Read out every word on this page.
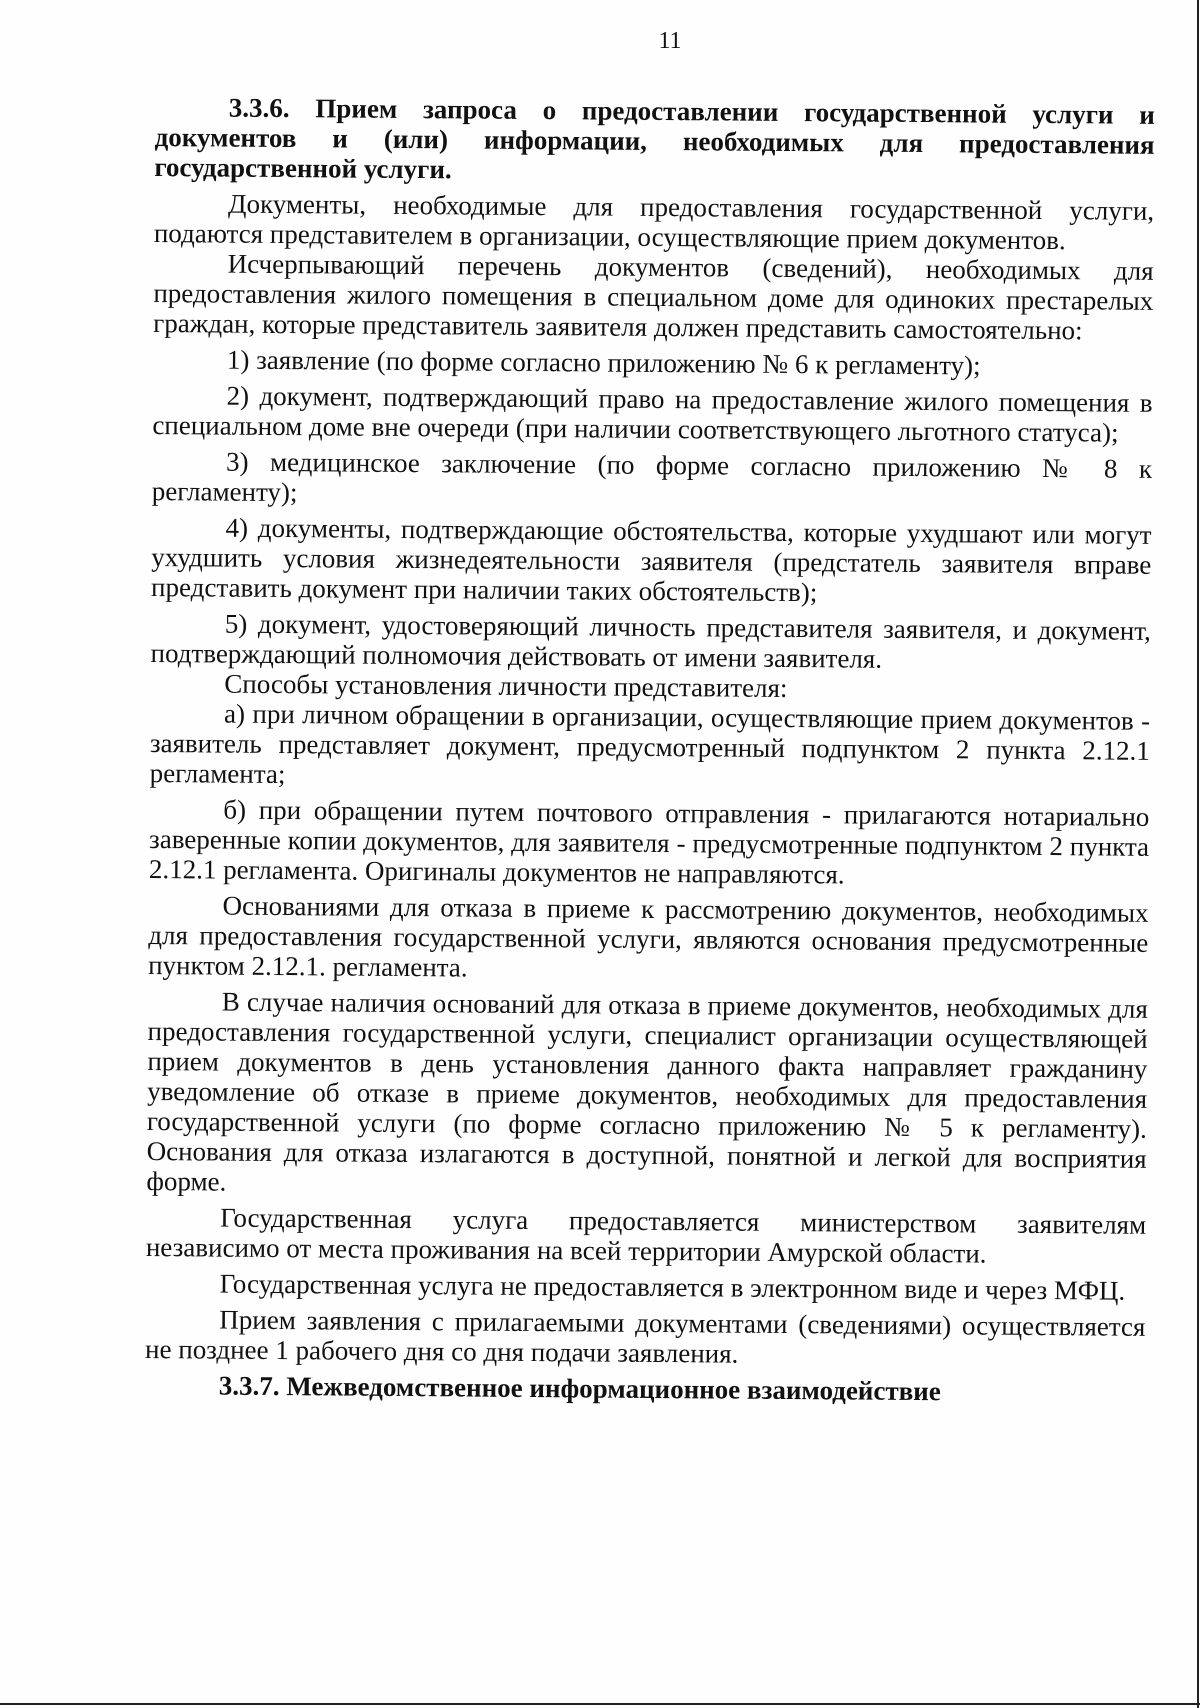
11

3.3.6. Прием запроса о предоставлении государственной услуги и документов и (или) информации, необходимых для предоставления государственной услуги.

Документы, необходимые для предоставления государственной услуги, подаются представителем в организации, осуществляющие прием документов.

Исчерпывающий перечень документов (сведений), необходимых для предоставления жилого помещения в специальном доме для одиноких престарелых граждан, которые представитель заявителя должен представить самостоятельно:

1) заявление (по форме согласно приложению № 6 к регламенту);

2) документ, подтверждающий право на предоставление жилого помещения в специальном доме вне очереди (при наличии соответствующего льготного статуса);

3) медицинское заключение (по форме согласно приложению № 8 к регламенту);

4) документы, подтверждающие обстоятельства, которые ухудшают или могут ухудшить условия жизнедеятельности заявителя (предстатель заявителя вправе представить документ при наличии таких обстоятельств);

5) документ, удостоверяющий личность представителя заявителя, и документ, подтверждающий полномочия действовать от имени заявителя.

Способы установления личности представителя:

а) при личном обращении в организации, осуществляющие прием документов - заявитель представляет документ, предусмотренный подпунктом 2 пункта 2.12.1 регламента;

б) при обращении путем почтового отправления - прилагаются нотариально заверенные копии документов, для заявителя - предусмотренные подпунктом 2 пункта 2.12.1 регламента. Оригиналы документов не направляются.

Основаниями для отказа в приеме к рассмотрению документов, необходимых для предоставления государственной услуги, являются основания предусмотренные пунктом 2.12.1. регламента.

В случае наличия оснований для отказа в приеме документов, необходимых для предоставления государственной услуги, специалист организации осуществляющей прием документов в день установления данного факта направляет гражданину уведомление об отказе в приеме документов, необходимых для предоставления государственной услуги (по форме согласно приложению № 5 к регламенту). Основания для отказа излагаются в доступной, понятной и легкой для восприятия форме.

Государственная услуга предоставляется министерством заявителям независимо от места проживания на всей территории Амурской области.

Государственная услуга не предоставляется в электронном виде и через МФЦ.

Прием заявления с прилагаемыми документами (сведениями) осуществляется не позднее 1 рабочего дня со дня подачи заявления.

3.3.7. Межведомственное информационное взаимодействие
